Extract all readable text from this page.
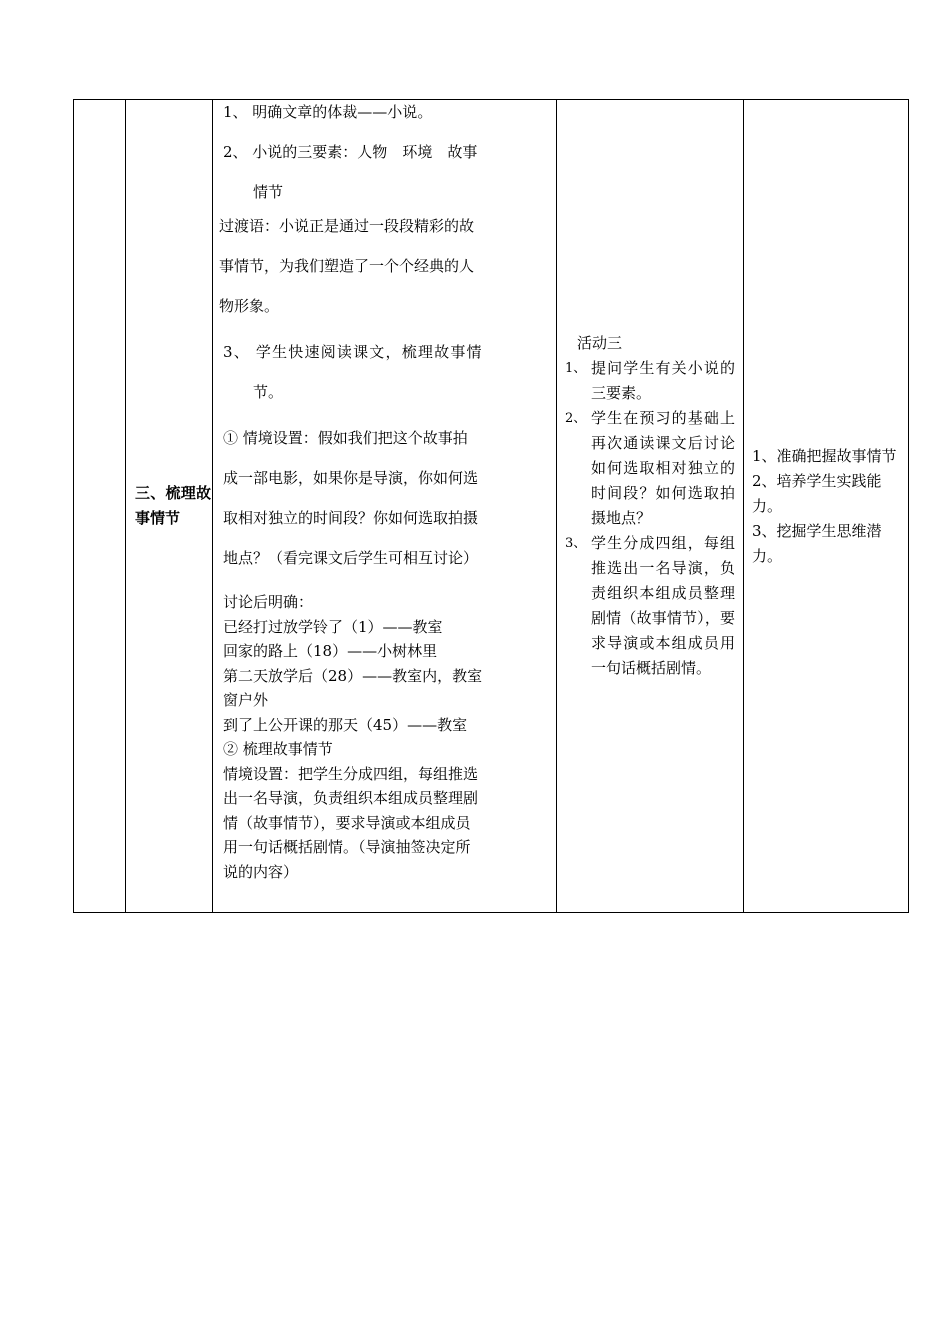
三、梳理故事情节
1、 明确文章的体裁——小说。
2、 小说的三要素：人物　环境　故事
情节
过渡语：小说正是通过一段段精彩的故
事情节，为我们塑造了一个个经典的人
物形象。
3、 学生快速阅读课文，梳理故事情
节。
① 情境设置：假如我们把这个故事拍
成一部电影，如果你是导演，你如何选
取相对独立的时间段？你如何选取拍摄
地点？（看完课文后学生可相互讨论）
讨论后明确：
已经打过放学铃了（1）——教室
回家的路上（18）——小树林里
第二天放学后（28）——教室内，教室
窗户外
到了上公开课的那天（45）——教室
② 梳理故事情节
情境设置：把学生分成四组，每组推选
出一名导演，负责组织本组成员整理剧
情（故事情节），要求导演或本组成员
用一句话概括剧情。（导演抽签决定所
说的内容）
活动三
1、 提问学生有关小说的三要素。
2、 学生在预习的基础上再次通读课文后讨论如何选取相对独立的时间段？如何选取拍摄地点？
3、 学生分成四组，每组推选出一名导演，负责组织本组成员整理剧情（故事情节），要求导演或本组成员用一句话概括剧情。
1、准确把握故事情节
2、培养学生实践能力。
3、挖掘学生思维潜力。
